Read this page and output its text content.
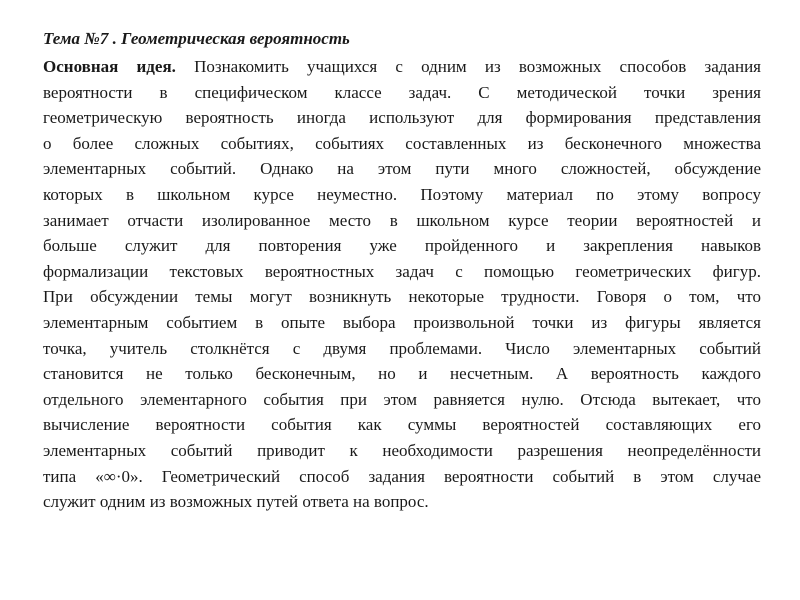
Тема №7 . Геометрическая вероятность
Основная идея. Познакомить учащихся с одним из возможных способов задания
вероятности в специфическом классе задач. С методической точки зрения
геометрическую вероятность иногда используют для формирования представления
о более сложных событиях, событиях составленных из бесконечного множества
элементарных событий. Однако на этом пути много сложностей, обсуждение
которых в школьном курсе неуместно. Поэтому материал по этому вопросу
занимает отчасти изолированное место в школьном курсе теории вероятностей и
больше служит для повторения уже пройденного и закрепления навыков
формализации текстовых вероятностных задач с помощью геометрических фигур.
При обсуждении темы могут возникнуть некоторые трудности. Говоря о том, что
элементарным событием в опыте выбора произвольной точки из фигуры является
точка, учитель столкнётся с двумя проблемами. Число элементарных событий
становится не только бесконечным, но и несчетным. А вероятность каждого
отдельного элементарного события при этом равняется нулю. Отсюда вытекает, что
вычисление вероятности события как суммы вероятностей составляющих его
элементарных событий приводит к необходимости разрешения неопределённости
типа «∞·0». Геометрический способ задания вероятности событий в этом случае
служит одним из возможных путей ответа на вопрос.
